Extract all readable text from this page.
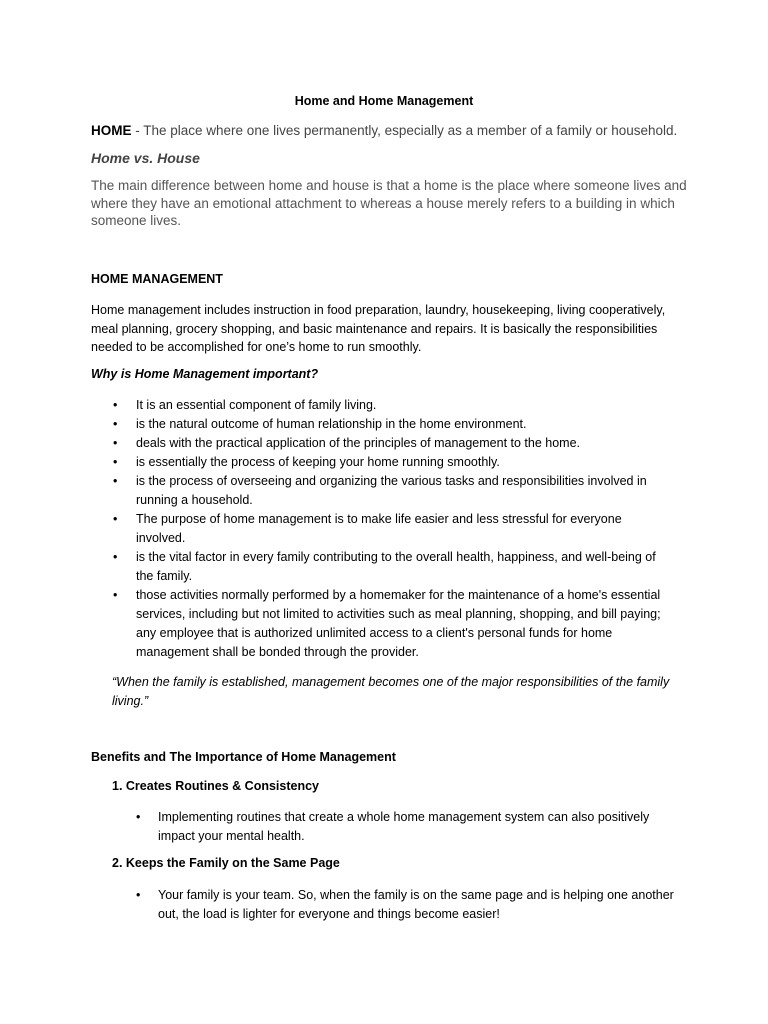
Home and Home Management
HOME - The place where one lives permanently, especially as a member of a family or household.
Home vs. House
The main difference between home and house is that a home is the place where someone lives and where they have an emotional attachment to whereas a house merely refers to a building in which someone lives.
HOME MANAGEMENT
Home management includes instruction in food preparation, laundry, housekeeping, living cooperatively, meal planning, grocery shopping, and basic maintenance and repairs. It is basically the responsibilities needed to be accomplished for one’s home to run smoothly.
Why is Home Management important?
• It is an essential component of family living.
• is the natural outcome of human relationship in the home environment.
• deals with the practical application of the principles of management to the home.
• is essentially the process of keeping your home running smoothly.
• is the process of overseeing and organizing the various tasks and responsibilities involved in running a household.
• The purpose of home management is to make life easier and less stressful for everyone involved.
• is the vital factor in every family contributing to the overall health, happiness, and well-being of the family.
• those activities normally performed by a homemaker for the maintenance of a home's essential services, including but not limited to activities such as meal planning, shopping, and bill paying; any employee that is authorized unlimited access to a client's personal funds for home management shall be bonded through the provider.
“When the family is established, management becomes one of the major responsibilities of the family living.”
Benefits and The Importance of Home Management
1. Creates Routines & Consistency
• Implementing routines that create a whole home management system can also positively impact your mental health.
2. Keeps the Family on the Same Page
• Your family is your team. So, when the family is on the same page and is helping one another out, the load is lighter for everyone and things become easier!
